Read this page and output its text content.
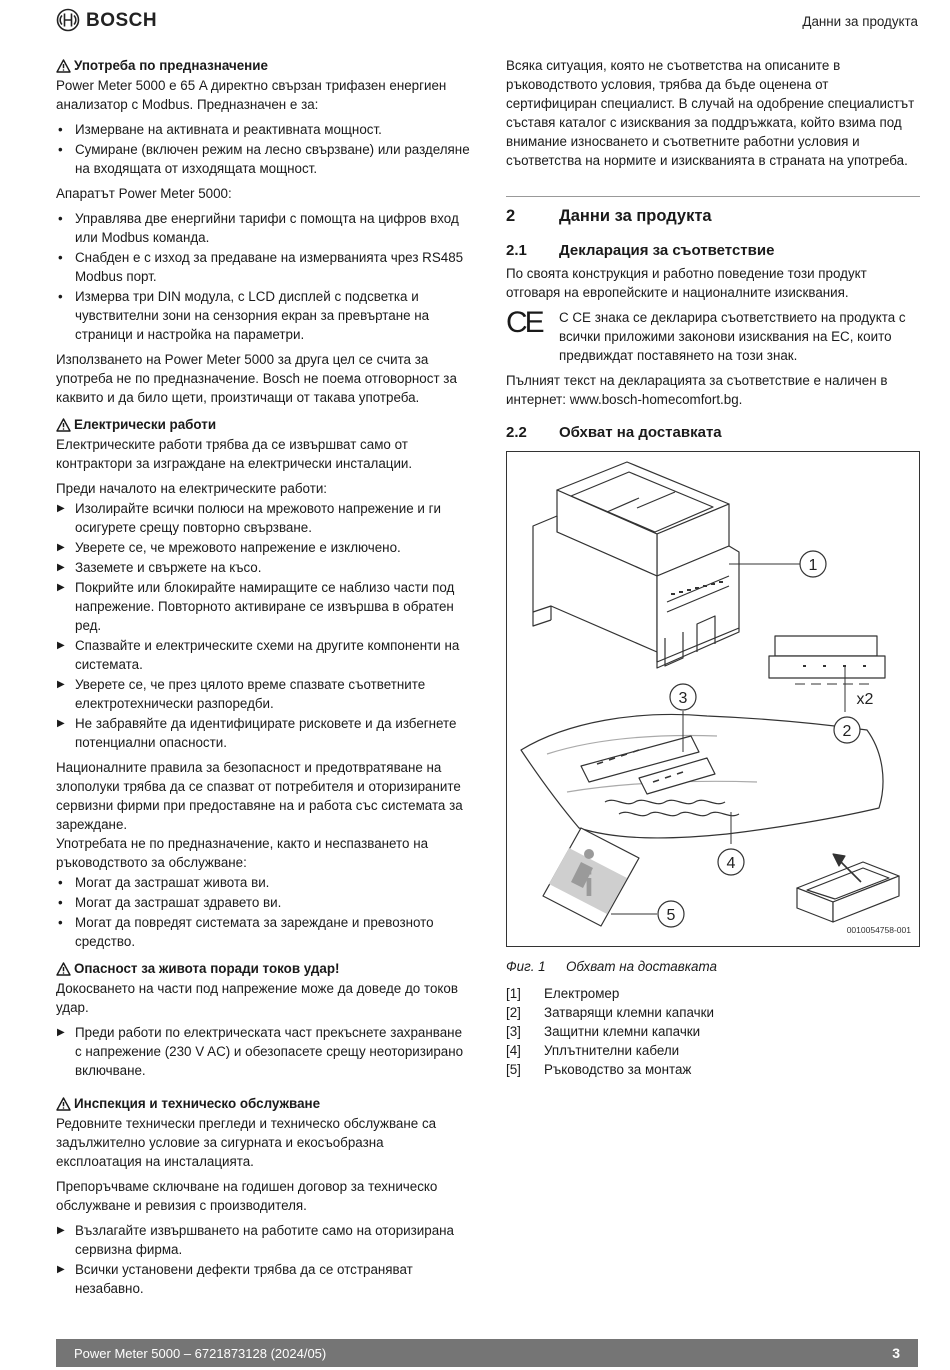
BOSCH	Данни за продукта
Употреба по предназначение

Power Meter 5000 е 65 A директно свързан трифазен енергиен анализатор с Modbus. Предназначен е за:

• Измерване на активната и реактивната мощност.
• Сумиране (включен режим на лесно свързване) или разделяне на входящата от изходящата мощност.

Апаратът Power Meter 5000:

• Управлява две енергийни тарифи с помощта на цифров вход или Modbus команда.
• Снабден е с изход за предаване на измерванията чрез RS485 Modbus порт.
• Измерва три DIN модула, с LCD дисплей с подсветка и чувствителни зони на сензорния екран за превъртане на страници и настройка на параметри.

Използването на Power Meter 5000 за друга цел се счита за употреба не по предназначение. Bosch не поема отговорност за каквито и да било щети, произтичащи от такава употреба.

Електрически работи

Електрическите работи трябва да се извършват само от контрактори за изграждане на електрически инсталации.

Преди началото на електрическите работи:

▶ Изолирайте всички полюси на мрежовото напрежение и ги осигурете срещу повторно свързване.
▶ Уверете се, че мрежовото напрежение е изключено.
▶ Заземете и свържете на късо.
▶ Покрийте или блокирайте намиращите се наблизо части под напрежение. Повторното активиране се извършва в обратен ред.
▶ Спазвайте и електрическите схеми на другите компоненти на системата.
▶ Уверете се, че през цялото време спазвате съответните електротехнически разпоредби.
▶ Не забравяйте да идентифицирате рисковете и да избегнете потенциални опасности.

Националните правила за безопасност и предотвратяване на злополуки трябва да се спазват от потребителя и оторизираните сервизни фирми при предоставяне на и работа със системата за зареждане.

Употребата не по предназначение, както и неспазването на ръководството за обслужване:

• Могат да застрашат живота ви.
• Могат да застрашат здравето ви.
• Могат да повредят системата за зареждане и превозното средство.
Опасност за живота поради токов удар!

Докосването на части под напрежение може да доведе до токов удар.

▶ Преди работи по електрическата част прекъснете захранване с напрежение (230 V AC) и обезопасете срещу неоторизирано включване.
Инспекция и техническо обслужване

Редовните технически прегледи и техническо обслужване са задължително условие за сигурната и екосъобразна експлоатация на инсталацията.

Препоръчваме сключване на годишен договор за техническо обслужване и ревизия с производителя.

▶ Възлагайте извършването на работите само на оторизирана сервизна фирма.
▶ Всички установени дефекти трябва да се отстраняват незабавно.

Всяка ситуация, която не съответства на описаните в ръководството условия, трябва да бъде оценена от сертифициран специалист. В случай на одобрение специалистът съставя каталог с изисквания за поддръжката, който взима под внимание износването и съответните работни условия и съответства на нормите и изискванията в страната на употреба.

2	Данни за продукта
2.1	Декларация за съответствие

По своята конструкция и работно поведение този продукт отговаря на европейските и националните изисквания.

CE	С CE знака се декларира съответствието на продукта с всички приложими законови изисквания на ЕС, които предвиждат поставянето на този знак.

Пълният текст на декларацията за съответствие е наличен в интернет: www.bosch-homecomfort.bg.

2.2	Обхват на доставката
1
2
3
4
5
x2
i
0010054758-001
Фиг. 1	Обхват на доставката
[1]	Електромер
[2]	Затварящи клемни капачки
[3]	Защитни клемни капачки
[4]	Уплътнителни кабели
[5]	Ръководство за монтаж
Power Meter 5000 – 6721873128 (2024/05)	3
